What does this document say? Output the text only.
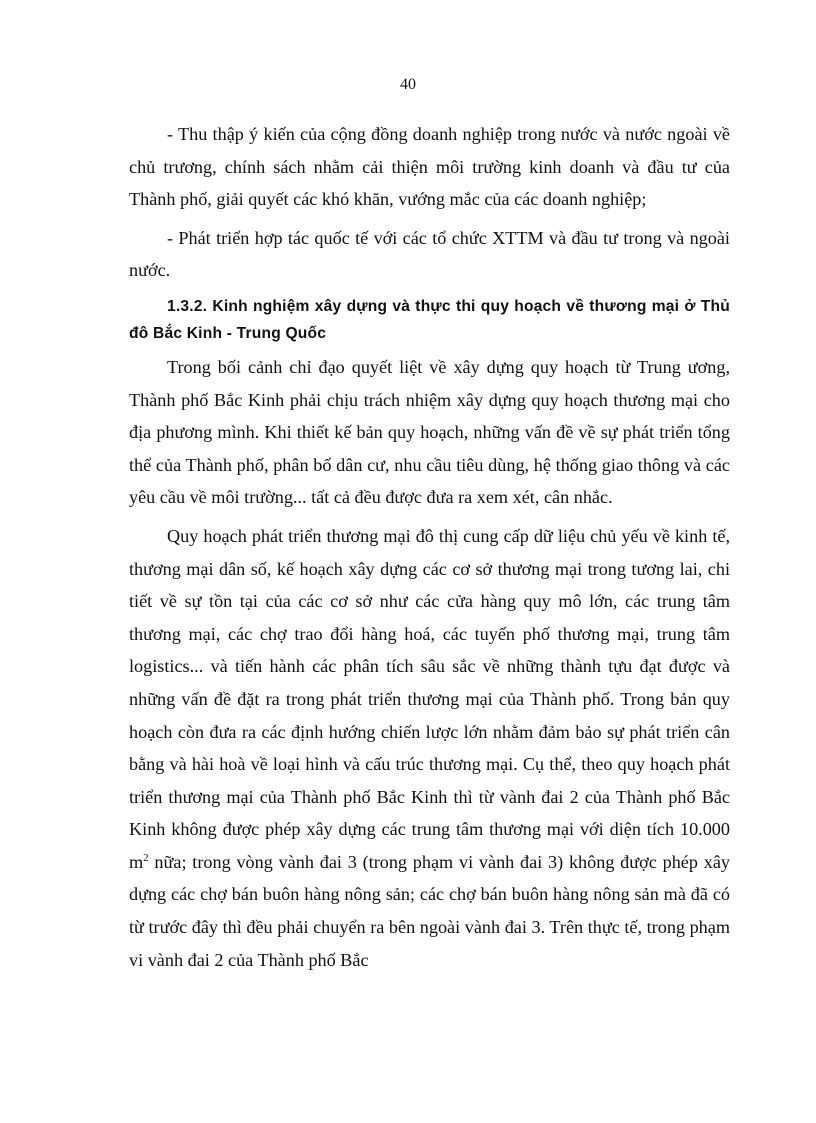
40

- Thu thập ý kiến của cộng đồng doanh nghiệp trong nước và nước ngoài về chủ trương, chính sách nhằm cải thiện môi trường kinh doanh và đầu tư của Thành phố, giải quyết các khó khăn, vướng mắc của các doanh nghiệp;

- Phát triển hợp tác quốc tế với các tổ chức XTTM và đầu tư trong và ngoài nước.

1.3.2. Kinh nghiệm xây dựng và thực thi quy hoạch về thương mại ở Thủ đô Bắc Kinh - Trung Quốc

Trong bối cảnh chỉ đạo quyết liệt về xây dựng quy hoạch từ Trung ương, Thành phố Bắc Kinh phải chịu trách nhiệm xây dựng quy hoạch thương mại cho địa phương mình. Khi thiết kế bản quy hoạch, những vấn đề về sự phát triển tổng thể của Thành phố, phân bố dân cư, nhu cầu tiêu dùng, hệ thống giao thông và các yêu cầu về môi trường... tất cả đều được đưa ra xem xét, cân nhắc.

Quy hoạch phát triển thương mại đô thị cung cấp dữ liệu chủ yếu về kinh tế, thương mại dân số, kế hoạch xây dựng các cơ sở thương mại trong tương lai, chi tiết về sự tồn tại của các cơ sở như các cửa hàng quy mô lớn, các trung tâm thương mại, các chợ trao đổi hàng hoá, các tuyến phố thương mại, trung tâm logistics... và tiến hành các phân tích sâu sắc về những thành tựu đạt được và những vấn đề đặt ra trong phát triển thương mại của Thành phố. Trong bản quy hoạch còn đưa ra các định hướng chiến lược lớn nhằm đảm bảo sự phát triển cân bằng và hài hoà về loại hình và cấu trúc thương mại. Cụ thể, theo quy hoạch phát triển thương mại của Thành phố Bắc Kinh thì từ vành đai 2 của Thành phố Bắc Kinh không được phép xây dựng các trung tâm thương mại với diện tích 10.000 $m^2$ nữa; trong vòng vành đai 3 (trong phạm vi vành đai 3) không được phép xây dựng các chợ bán buôn hàng nông sản; các chợ bán buôn hàng nông sản mà đã có từ trước đây thì đều phải chuyển ra bên ngoài vành đai 3. Trên thực tế, trong phạm vi vành đai 2 của Thành phố Bắc
